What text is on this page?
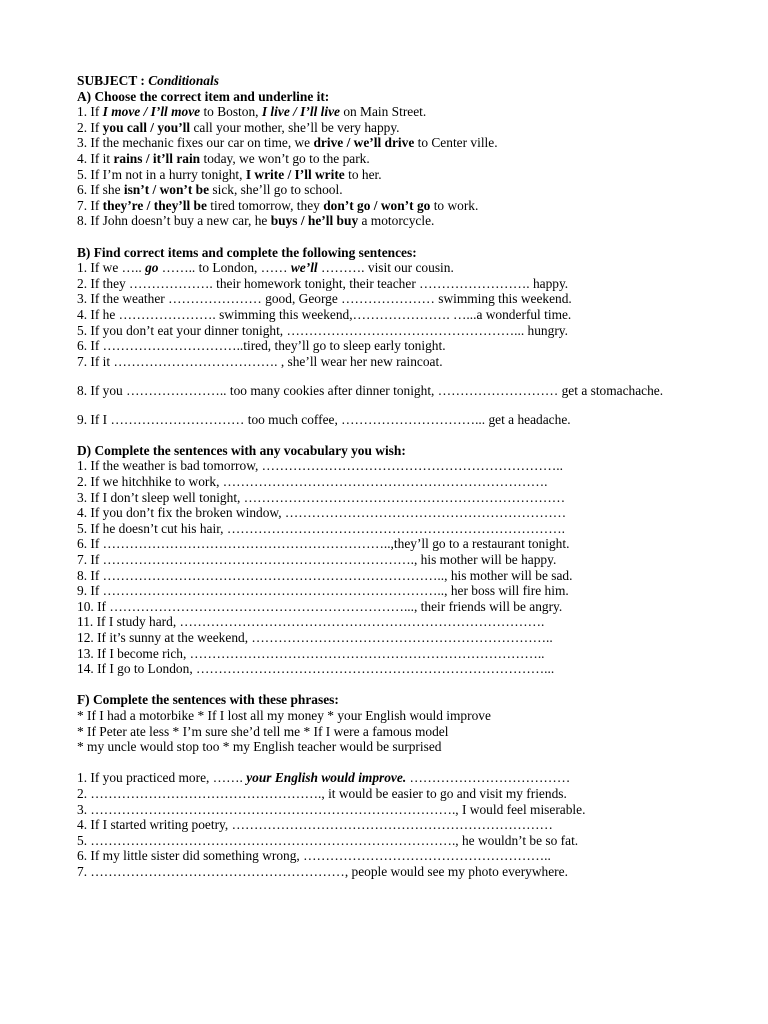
SUBJECT : Conditionals

A) Choose the correct item and underline it:

1. If I move / I’ll move to Boston, I live / I’ll live on Main Street.

2. If you call / you’ll call your mother, she’ll be very happy.

3. If the mechanic fixes our car on time, we drive / we’ll drive to Center ville.

4. If it rains / it’ll rain today, we won’t go to the park.

5. If I’m not in a hurry tonight, I write / I’ll write to her.

6. If she isn’t / won’t be sick, she’ll go to school.

7. If they’re / they’ll be tired tomorrow, they don’t go / won’t go to work.

8. If John doesn’t buy a new car, he buys / he’ll buy a motorcycle.

B) Find correct items and complete the following sentences:

1. If we ….. go …….. to London, …… we’ll ………. visit our cousin.

2. If they ………………. their homework tonight, their teacher ……………………. happy.

3. If the weather ………………… good, George ………………… swimming this weekend.

4. If he …………………. swimming this weekend,…………………. …...a wonderful time.

5. If you don’t eat your dinner tonight, ……………………………………………... hungry.

6. If …………………………..tired, they’ll go to sleep early tonight.

7. If it ………………………………. , she’ll wear her new raincoat.

8. If you ………………….. too many cookies after dinner tonight, ……………………… get a stomachache.

9. If I ………………………… too much coffee, …………………………... get a headache.

D) Complete the sentences with any vocabulary you wish:

1. If the weather is bad tomorrow, …………………………………………………………..

2. If we hitchhike to work, ……………………………………………………………….

3. If I don’t sleep well tonight, ………………………………………………………………

4. If you don’t fix the broken window, ………………………………………………………

5. If he doesn’t cut his hair, ………………………………………………………………….

6. If ………………………………………………………..,they’ll go to a restaurant tonight.

7. If ……………………………………………………………., his mother will be happy.

8. If ………………………………………………………………….., his mother will be sad.

9. If ………………………………………………………………….., her boss will fire him.

10. If …………………………………………………………..., their friends will be angry.

11. If I study hard, ……………………………………………………………………….

12. If it’s sunny at the weekend, …………………………………………………………..

13. If I become rich, ……………………………………………………………………..

14. If I go to London, ……………………………………………………………………...

F) Complete the sentences with these phrases:

* If I had a motorbike * If I lost all my money * your English would improve

* If Peter ate less * I’m sure she’d tell me * If I were a famous model

* my uncle would stop too * my English teacher would be surprised

1. If you practiced more, ……. your English would improve. ………………………………

2. ……………………………………………., it would be easier to go and visit my friends.

3. ………………………………………………………………………., I would feel miserable.

4. If I started writing poetry, ………………………………………………………………

5. ………………………………………………………………………., he wouldn’t be so fat.

6. If my little sister did something wrong, ………………………………………………..

7. …………………………………………………, people would see my photo everywhere.
